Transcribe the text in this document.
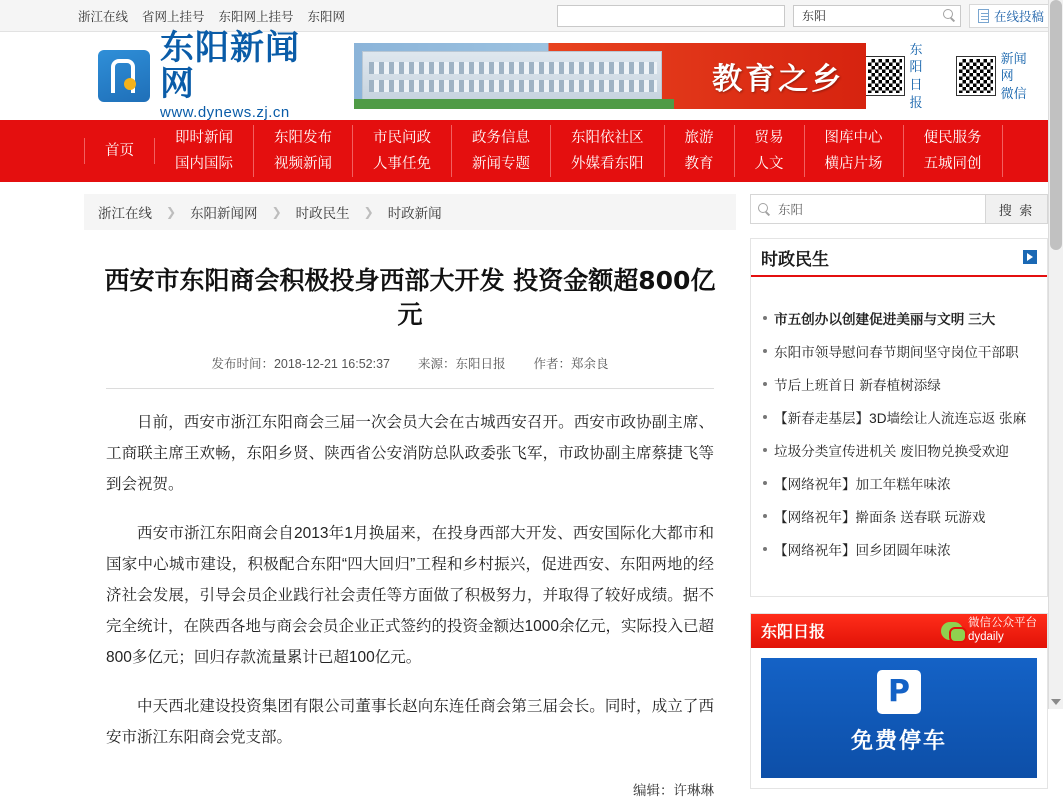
浙江在线 省网上挂号 东阳网上挂号 东阳网
东阳	在线投稿
东阳新闻网
www.dynews.zj.cn
教育之乡
东阳
日报
新闻网
微信
首页
即时新闻
国内国际
东阳发布
视频新闻
市民问政
人事任免
政务信息
新闻专题
东阳依社区
外媒看东阳
旅游
教育
贸易
人文
图库中心
横店片场
便民服务
五城同创
浙江在线 ❯ 东阳新闻网 ❯ 时政民生 ❯ 时政新闻
西安市东阳商会积极投身西部大开发 投资金额超800亿元
发布时间：2018-12-21 16:52:37 来源：东阳日报 作者：郑余良

日前，西安市浙江东阳商会三届一次会员大会在古城西安召开。西安市政协副主席、工商联主席王欢畅，东阳乡贤、陕西省公安消防总队政委张飞军，市政协副主席蔡捷飞等到会祝贺。

西安市浙江东阳商会自2013年1月换届来，在投身西部大开发、西安国际化大都市和国家中心城市建设，积极配合东阳“四大回归”工程和乡村振兴，促进西安、东阳两地的经济社会发展，引导会员企业践行社会责任等方面做了积极努力，并取得了较好成绩。据不完全统计，在陕西各地与商会会员企业正式签约的投资金额达1000余亿元，实际投入已超800多亿元；回归存款流量累计已超100亿元。

中天西北建设投资集团有限公司董事长赵向东连任商会第三届会长。同时，成立了西安市浙江东阳商会党支部。

编辑：许琳琳
东阳
搜 索
时政民生
市五创办以创建促进美丽与文明 三大
东阳市领导慰问春节期间坚守岗位干部职
节后上班首日 新春植树添绿
【新春走基层】3D墙绘让人流连忘返 张麻
垃圾分类宣传进机关 废旧物兑换受欢迎
【网络祝年】加工年糕年味浓
【网络祝年】擀面条 送春联 玩游戏
【网络祝年】回乡团圆年味浓
东阳日报
微信公众平台
dydaily
P
免费停车
